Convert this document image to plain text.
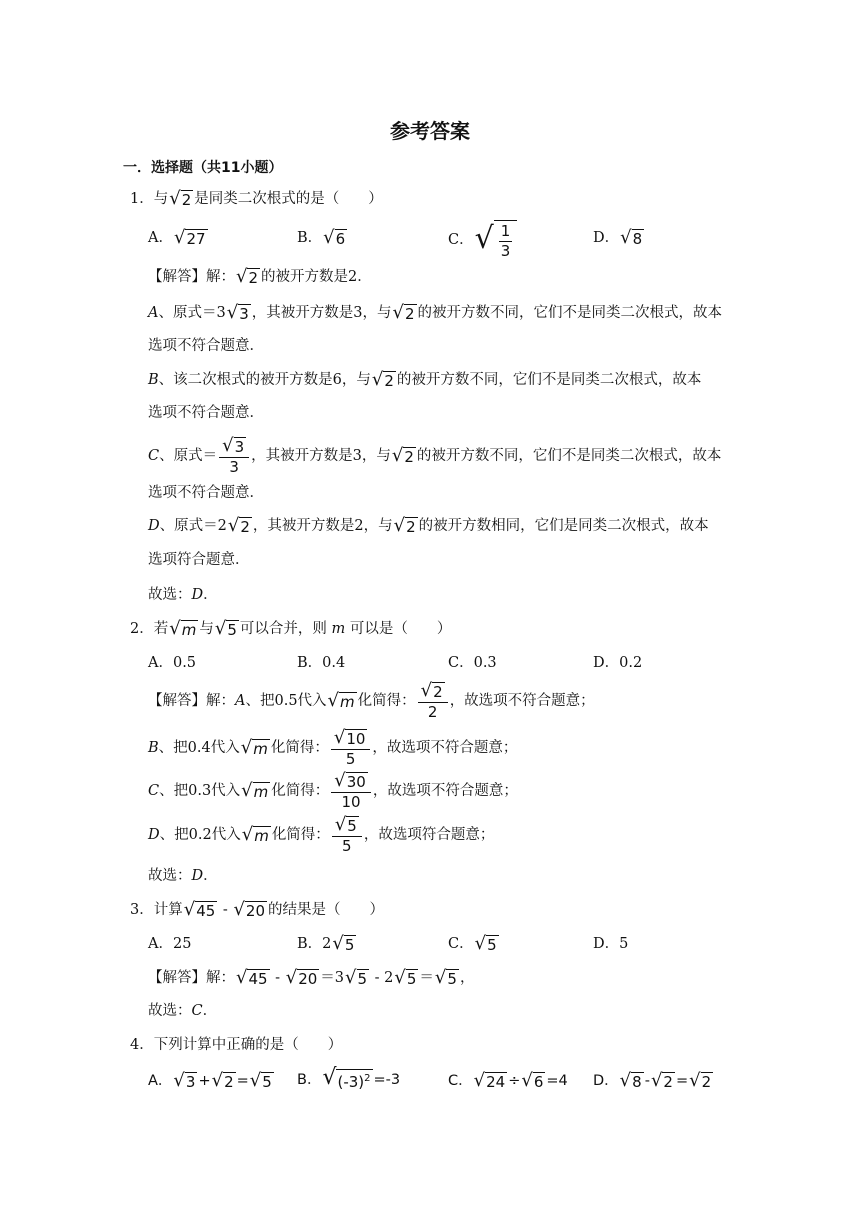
参考答案
一．选择题（共11小题）
1．与 √ 2 是同类二次根式的是（　　）
A． √ 27	B． √ 6	C． √ $\frac{1}{3}$	D． √ 8
【解答】解： √ 2 的被开方数是2．
A、原式＝3 √ 3 ，其被开方数是3，与 √ 2 的被开方数不同，它们不是同类二次根式，故本
选项不符合题意．
B、该二次根式的被开方数是6，与 √ 2 的被开方数不同，它们不是同类二次根式，故本
选项不符合题意．
C 、原式＝ $\frac{√ 3}{3}$ ，其被开方数是3，与 √ 2 的被开方数不同，它们不是同类二次根式，故本
选项不符合题意．
D、原式＝2 √ 2 ，其被开方数是2，与 √ 2 的被开方数相同，它们是同类二次根式，故本
选项符合题意．
故选：D．
2．若 √ m 与 √ 5 可以合并，则 m 可以是（　　）
A．0.5	B．0.4	C．0.3	D．0.2
【解答】解： A 、把0.5代入 √ m 化简得： $\frac{√ 2}{2}$ ，故选项不符合题意；
B 、把0.4代入 √ m 化简得： $\frac{√ 10}{5}$ ，故选项不符合题意；
C 、把0.3代入 √ m 化简得： $\frac{√ 30}{10}$ ，故选项不符合题意；
D 、把0.2代入 √ m 化简得： $\frac{√ 5}{5}$ ，故选项符合题意；
故选：D．
3．计算 √ 45 - √ 20 的结果是（　　）
A．25	B．2 √ 5	C． √ 5	D．5
【解答】解： √ 45 - √ 20 ＝3 √ 5 - 2 √ 5 ＝ √ 5 ，
故选：C．
4．下列计算中正确的是（　　）
A． √ 3 + √ 2 = √ 5 B． √ $(-3)^2 =-3$	C． √ 24 ÷ √ 6 =4 D． √ 8 - √ 2 = √ 2
